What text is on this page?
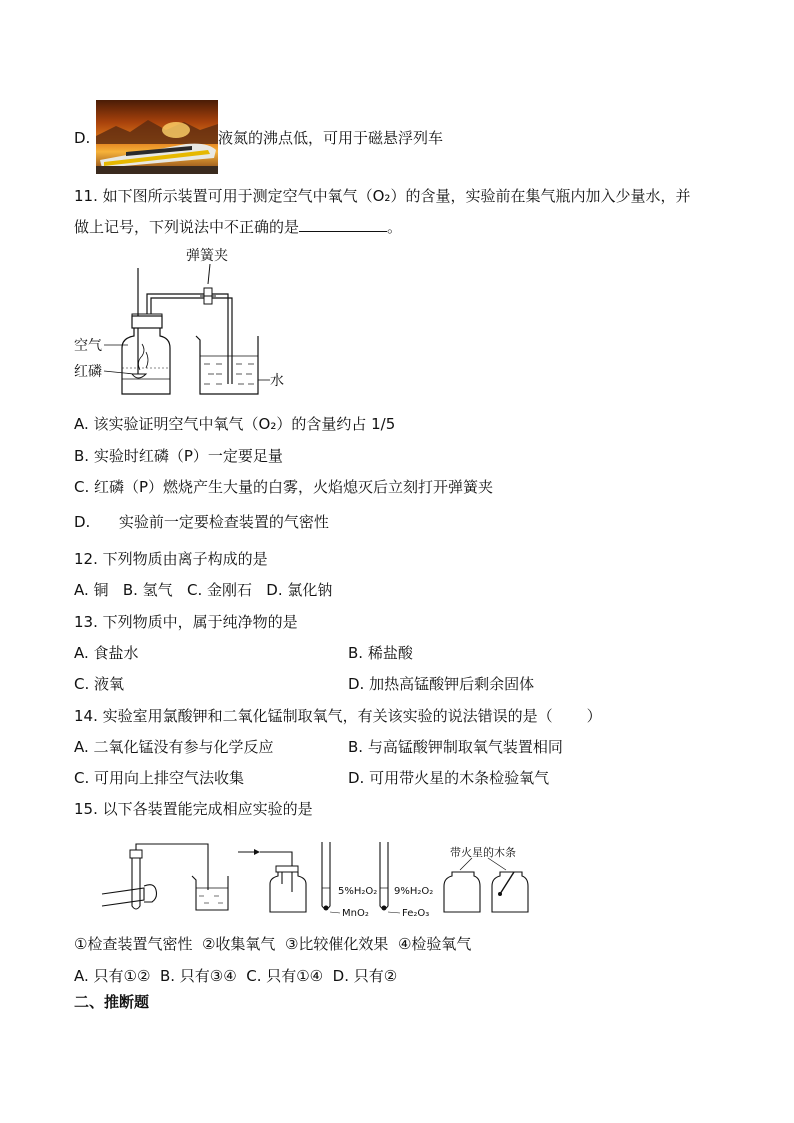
D.	液氮的沸点低，可用于磁悬浮列车
11. 如下图所示装置可用于测定空气中氧气（O₂）的含量，实验前在集气瓶内加入少量水，并
做上记号，下列说法中不正确的是	。
弹簧夹
空气
红磷
水
A. 该实验证明空气中氧气（O₂）的含量约占 1/5
B. 实验时红磷（P）一定要足量
C. 红磷（P）燃烧产生大量的白雾，火焰熄灭后立刻打开弹簧夹
D.      实验前一定要检查装置的气密性
12. 下列物质由离子构成的是
A. 铜   B. 氢气   C. 金刚石   D. 氯化钠
13. 下列物质中，属于纯净物的是
A. 食盐水	B. 稀盐酸
C. 液氧	D. 加热高锰酸钾后剩余固体
14. 实验室用氯酸钾和二氧化锰制取氧气，有关该实验的说法错误的是（ ）
A. 二氧化锰没有参与化学反应	B. 与高锰酸钾制取氧气装置相同
C. 可用向上排空气法收集	D. 可用带火星的木条检验氧气
15. 以下各装置能完成相应实验的是
5%H₂O₂
MnO₂
9%H₂O₂
Fe₂O₃
带火星的木条
①检查装置气密性  ②收集氧气  ③比较催化效果  ④检验氧气
A. 只有①②  B. 只有③④  C. 只有①④  D. 只有②
二、推断题
